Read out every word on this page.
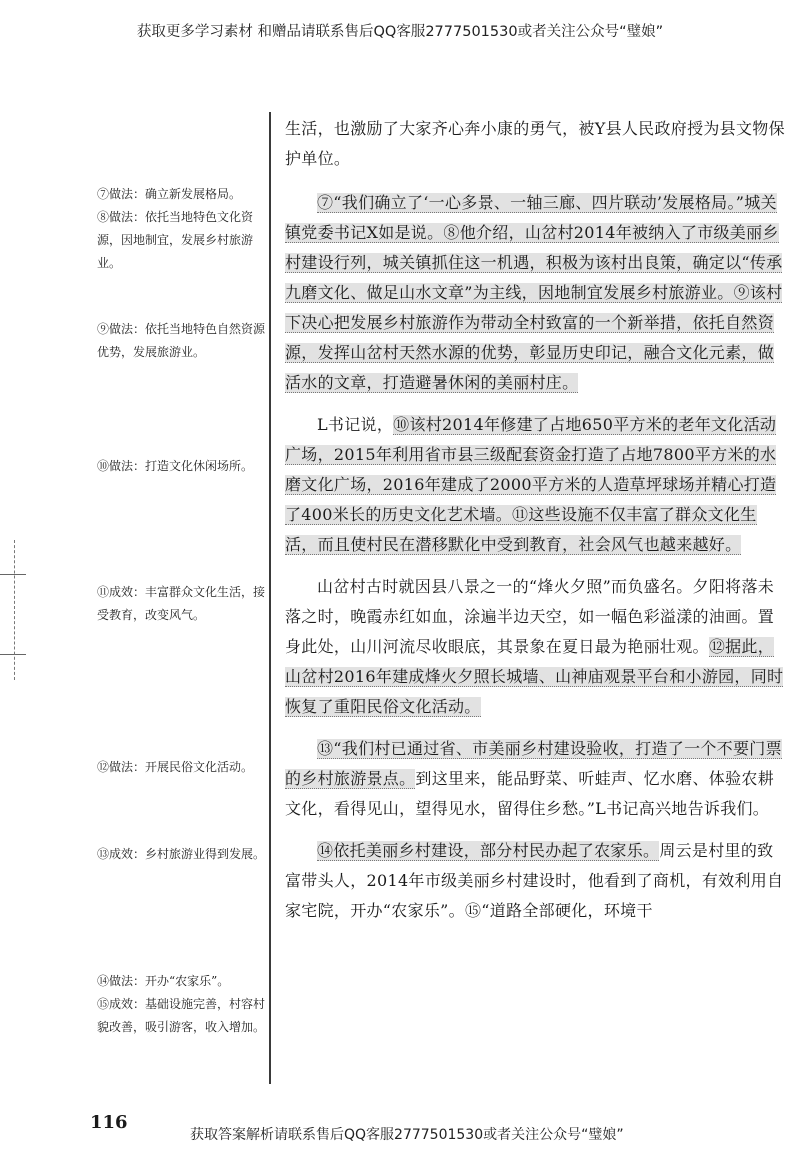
获取更多学习素材 和赠品请联系售后QQ客服2777501530或者关注公众号“璧娘”
⑦做法：确立新发展格局。
⑧做法：依托当地特色文化资源，因地制宜，发展乡村旅游业。
⑨做法：依托当地特色自然资源优势，发展旅游业。
⑩做法：打造文化休闲场所。
⑪成效：丰富群众文化生活，接受教育，改变风气。
⑫做法：开展民俗文化活动。
⑬成效：乡村旅游业得到发展。
⑭做法：开办“农家乐”。
⑮成效：基础设施完善，村容村貌改善，吸引游客，收入增加。

生活，也激励了大家齐心奔小康的勇气，被Y县人民政府授为县文物保护单位。

⑦“我们确立了‘一心多景、一轴三廊、四片联动’发展格局。”城关镇党委书记X如是说。⑧他介绍，山岔村2014年被纳入了市级美丽乡村建设行列，城关镇抓住这一机遇，积极为该村出良策，确定以“传承九磨文化、做足山水文章”为主线，因地制宜发展乡村旅游业。⑨该村下决心把发展乡村旅游作为带动全村致富的一个新举措，依托自然资源，发挥山岔村天然水源的优势，彰显历史印记，融合文化元素，做活水的文章，打造避暑休闲的美丽村庄。

L书记说，⑩该村2014年修建了占地650平方米的老年文化活动广场，2015年利用省市县三级配套资金打造了占地7800平方米的水磨文化广场，2016年建成了2000平方米的人造草坪球场并精心打造了400米长的历史文化艺术墙。⑪这些设施不仅丰富了群众文化生活，而且使村民在潜移默化中受到教育，社会风气也越来越好。

山岔村古时就因县八景之一的“烽火夕照”而负盛名。夕阳将落未落之时，晚霞赤红如血，涂遍半边天空，如一幅色彩溢漾的油画。置身此处，山川河流尽收眼底，其景象在夏日最为艳丽壮观。⑫据此，山岔村2016年建成烽火夕照长城墙、山神庙观景平台和小游园，同时恢复了重阳民俗文化活动。

⑬“我们村已通过省、市美丽乡村建设验收，打造了一个不要门票的乡村旅游景点。到这里来，能品野菜、听蛙声、忆水磨、体验农耕文化，看得见山，望得见水，留得住乡愁。”L书记高兴地告诉我们。

⑭依托美丽乡村建设，部分村民办起了农家乐。周云是村里的致富带头人，2014年市级美丽乡村建设时，他看到了商机，有效利用自家宅院，开办“农家乐”。⑮“道路全部硬化，环境干

116
获取答案解析请联系售后QQ客服2777501530或者关注公众号“璧娘”
